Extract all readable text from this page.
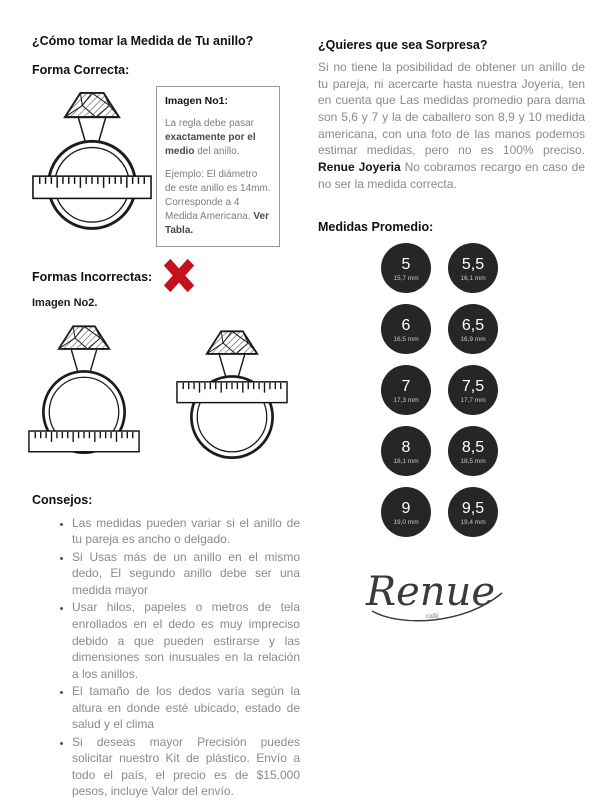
¿Cómo tomar la Medida de Tu anillo?

Forma Correcta:

Imagen No1:

La regla debe pasar exactamente por el medio del anillo.

Ejemplo: El diámetro de este anillo es 14mm. Corresponde a 4 Medida Americana. Ver Tabla.

Formas Incorrectas:

Imagen No2.

Consejos:

• Las medidas pueden variar si el anillo de tu pareja es ancho o delgado.
• Si Usas más de un anillo en el mismo dedo, El segundo anillo debe ser una medida mayor
• Usar hilos, papeles o metros de tela enrollados en el dedo es muy impreciso debido a que pueden estirarse y las dimensiones son inusuales en la relación a los anillos.
• El tamaño de los dedos varía según la altura en donde esté ubicado, estado de salud y el clima
• Si deseas mayor Precisión puedes solicitar nuestro Kit de plástico. Envío a todo el país, el precio es de $15.000 pesos, incluye Valor del envío.

¿Quieres que sea Sorpresa?

Si no tiene la posibilidad de obtener un anillo de tu pareja, ni acercarte hasta nuestra Joyeria, ten en cuenta que Las medidas promedio para dama son 5,6 y 7 y la de caballero son 8,9 y 10 medida americana, con una foto de las manos podemos estimar medidas, pero no es 100% preciso. Renue Joyeria No cobramos recargo en caso de no ser la medida correcta.

Medidas Promedio:

5
15,7 mm
5,5
16,1 mm
6
16,5 mm
6,5
16,9 mm
7
17,3 mm
7,5
17,7 mm
8
18,1 mm
8,5
18,5 mm
9
19,0 mm
9,5
19,4 mm
Renue
café
